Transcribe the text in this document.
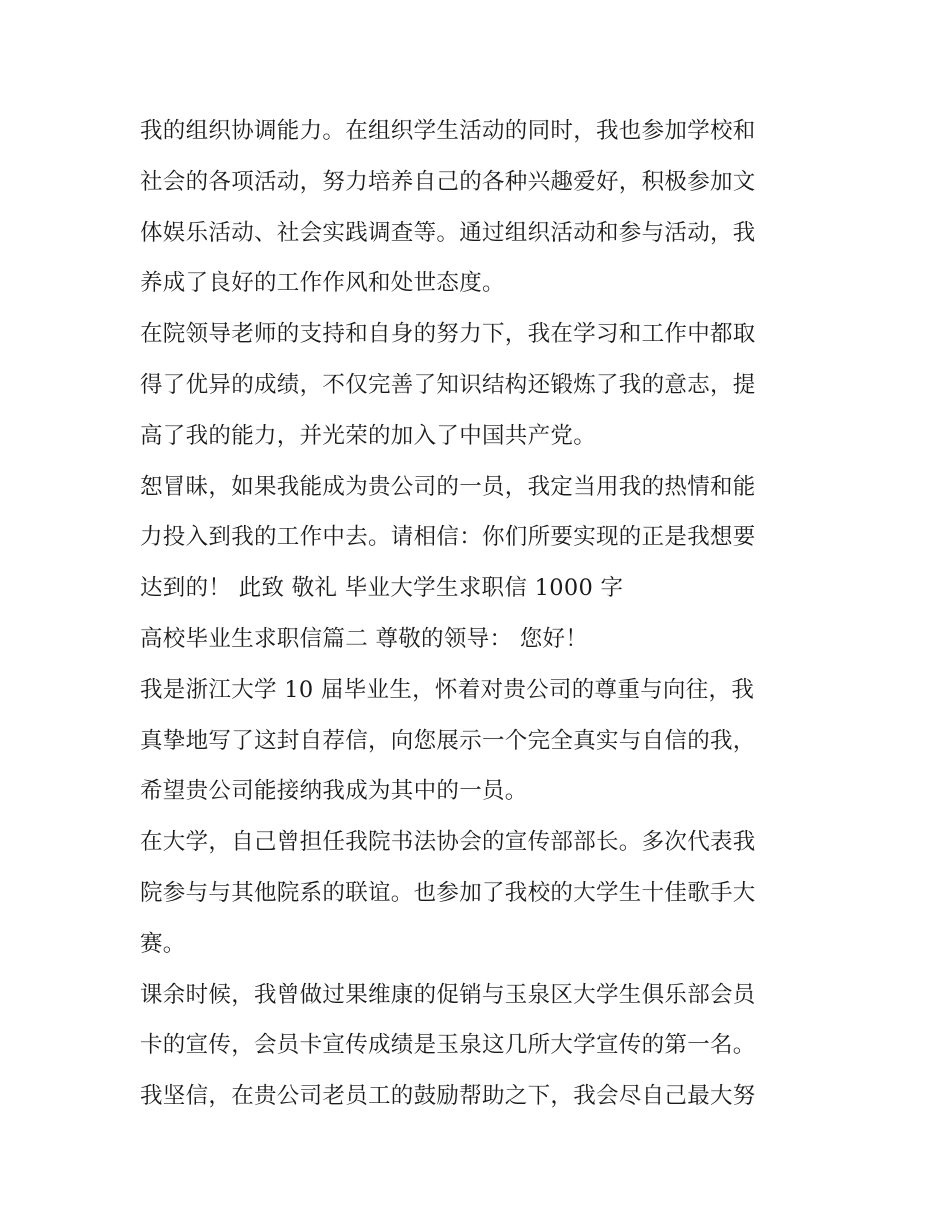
我的组织协调能力。在组织学生活动的同时，我也参加学校和
社会的各项活动，努力培养自己的各种兴趣爱好，积极参加文
体娱乐活动、社会实践调查等。通过组织活动和参与活动，我
养成了良好的工作作风和处世态度。
在院领导老师的支持和自身的努力下，我在学习和工作中都取
得了优异的成绩，不仅完善了知识结构还锻炼了我的意志，提
高了我的能力，并光荣的加入了中国共产党。
恕冒昧，如果我能成为贵公司的一员，我定当用我的热情和能
力投入到我的工作中去。请相信：你们所要实现的正是我想要
达到的！ 此致 敬礼 毕业大学生求职信 1000 字
高校毕业生求职信篇二 尊敬的领导： 您好！
我是浙江大学 10 届毕业生，怀着对贵公司的尊重与向往，我
真挚地写了这封自荐信，向您展示一个完全真实与自信的我，
希望贵公司能接纳我成为其中的一员。
在大学，自己曾担任我院书法协会的宣传部部长。多次代表我
院参与与其他院系的联谊。也参加了我校的大学生十佳歌手大
赛。
课余时候，我曾做过果维康的促销与玉泉区大学生俱乐部会员
卡的宣传，会员卡宣传成绩是玉泉这几所大学宣传的第一名。
我坚信，在贵公司老员工的鼓励帮助之下，我会尽自己最大努
